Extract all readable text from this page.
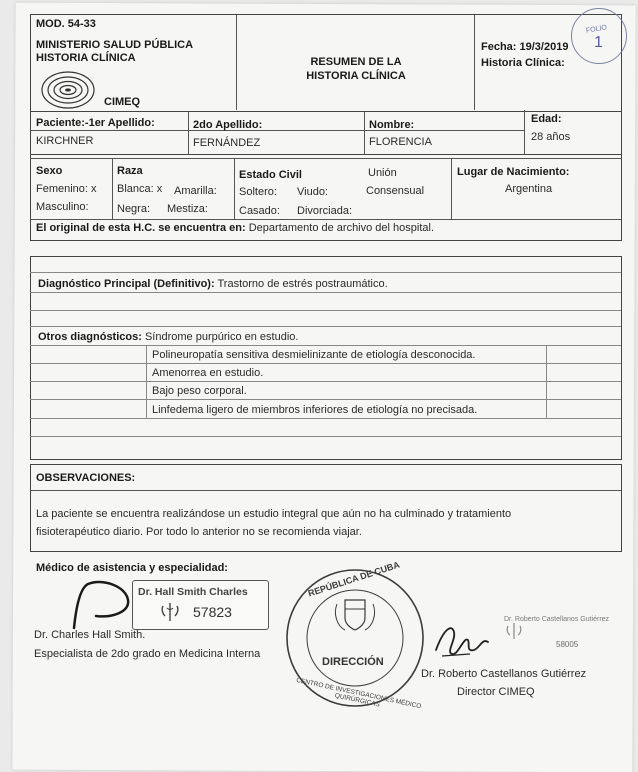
MOD. 54-33
MINISTERIO SALUD PÚBLICA
HISTORIA CLÍNICA
CIMEQ
RESUMEN DE LA
HISTORIA CLÍNICA
Fecha: 19/3/2019
Historia Clínica:
FOLIO
1
Paciente:-1er Apellido:
KIRCHNER
2do Apellido:
FERNÁNDEZ
Nombre:
FLORENCIA
Edad:
28 años
Sexo
Femenino: x
Masculino:
Raza
Blanca: x Amarilla:
Negra: Mestiza:
Estado Civil	Unión
Soltero: Viudo:	Consensual
Casado: Divorciada:
Lugar de Nacimiento:
Argentina
El original de esta H.C. se encuentra en: Departamento de archivo del hospital.
Diagnóstico Principal (Definitivo): Trastorno de estrés postraumático.
Otros diagnósticos: Síndrome purpúrico en estudio.
Polineuropatía sensitiva desmielinizante de etiología desconocida.
Amenorrea en estudio.
Bajo peso corporal.
Linfedema ligero de miembros inferiores de etiología no precisada.
OBSERVACIONES:
La paciente se encuentra realizándose un estudio integral que aún no ha culminado y tratamiento
fisioterapéutico diario. Por todo lo anterior no se recomienda viajar.
Médico de asistencia y especialidad:
Dr. Hall Smith Charles
57823
Dr. Charles Hall Smith.
Especialista de 2do grado en Medicina Interna
REPÚBLICA DE CUBA
CENTRO DE INVESTIGACIONES MÉDICO QUIRÚRGICAS
DIRECCIÓN
Dr. Roberto Castellanos Gutiérrez
58005
Dr. Roberto Castellanos Gutiérrez
Director CIMEQ
